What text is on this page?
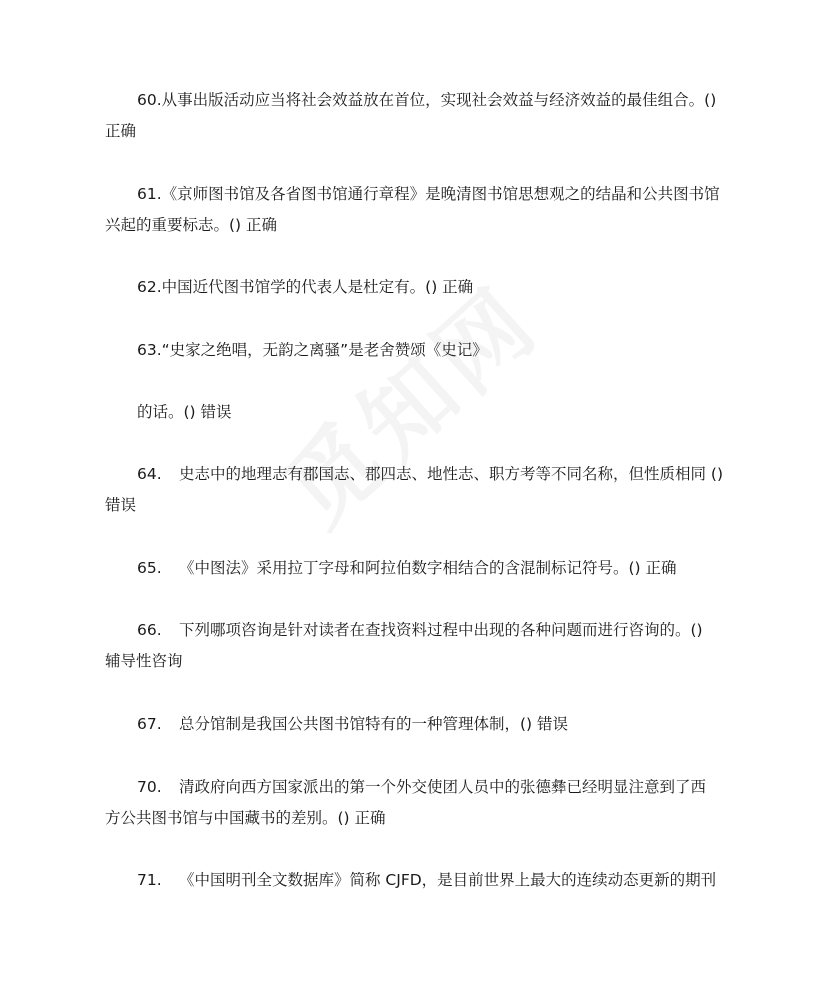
60.从事出版活动应当将社会效益放在首位，实现社会效益与经济效益的最佳组合。()
正确
61.《京师图书馆及各省图书馆通行章程》是晚清图书馆思想观之的结晶和公共图书馆
兴起的重要标志。() 正确
62.中国近代图书馆学的代表人是杜定有。() 正确
63.“史家之绝唱，无韵之离骚”是老舍赞颂《史记》
的话。() 错误
64. 史志中的地理志有郡国志、郡四志、地性志、职方考等不同名称，但性质相同 ()
错误
65. 《中图法》采用拉丁字母和阿拉伯数字相结合的含混制标记符号。() 正确
66. 下列哪项咨询是针对读者在查找资料过程中出现的各种问题而进行咨询的。()
辅导性咨询
67. 总分馆制是我国公共图书馆特有的一种管理体制，() 错误
70. 清政府向西方国家派出的第一个外交使团人员中的张德彝已经明显注意到了西
方公共图书馆与中国藏书的差别。() 正确
71. 《中国明刊全文数据库》简称 CJFD，是目前世界上最大的连续动态更新的期刊
